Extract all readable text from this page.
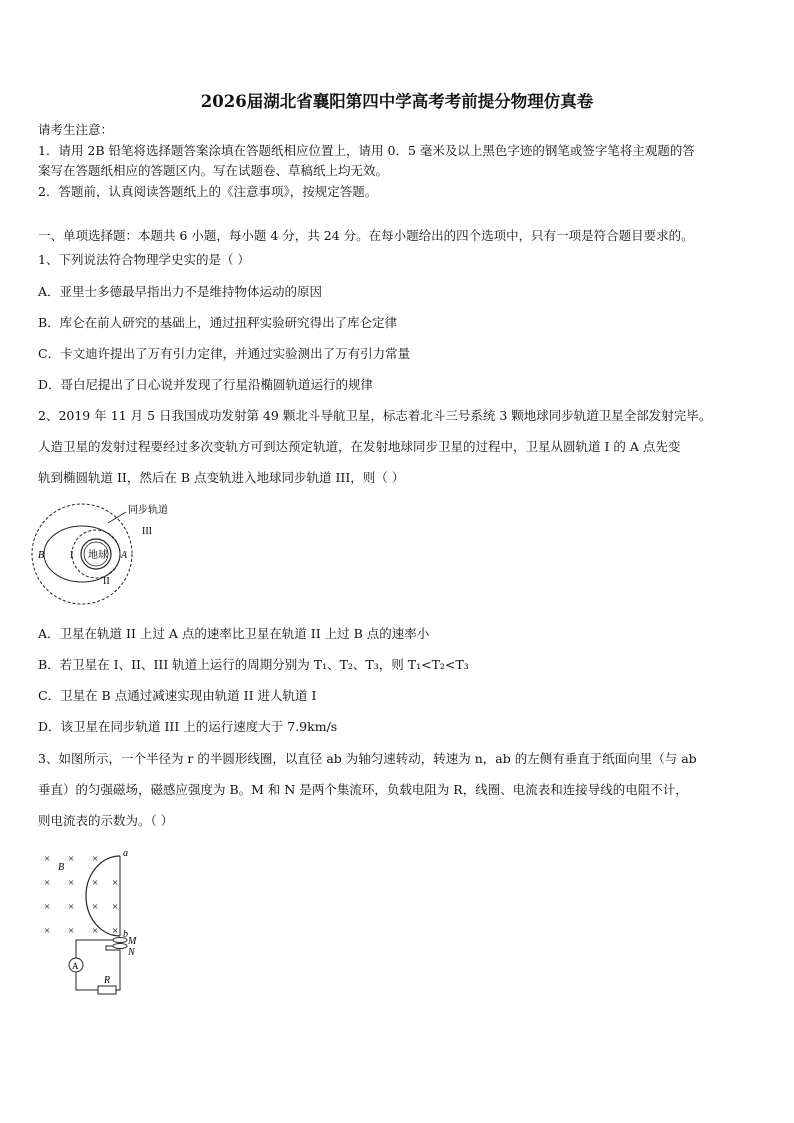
2026届湖北省襄阳第四中学高考考前提分物理仿真卷
请考生注意：
1．请用 2B 铅笔将选择题答案涂填在答题纸相应位置上，请用 0．5 毫米及以上黑色字迹的钢笔或签字笔将主观题的答
案写在答题纸相应的答题区内。写在试题卷、草稿纸上均无效。
2．答题前，认真阅读答题纸上的《注意事项》，按规定答题。
一、单项选择题：本题共 6 小题，每小题 4 分，共 24 分。在每小题给出的四个选项中，只有一项是符合题目要求的。
1、下列说法符合物理学史实的是（ ）
A．亚里士多德最早指出力不是维持物体运动的原因
B．库仑在前人研究的基础上，通过扭秤实验研究得出了库仑定律
C．卡文迪许提出了万有引力定律，并通过实验测出了万有引力常量
D．哥白尼提出了日心说并发现了行星沿椭圆轨道运行的规律
2、2019 年 11 月 5 日我国成功发射第 49 颗北斗导航卫星，标志着北斗三号系统 3 颗地球同步轨道卫星全部发射完毕。
人造卫星的发射过程要经过多次变轨方可到达预定轨道，在发射地球同步卫星的过程中，卫星从圆轨道 I 的 A 点先变
轨到椭圆轨道 II，然后在 B 点变轨进入地球同步轨道 III，则（ ）
同步轨道
地球
B	A
I
II
III
A．卫星在轨道 II 上过 A 点的速率比卫星在轨道 II 上过 B 点的速率小
B．若卫星在 I、II、III 轨道上运行的周期分别为 T₁、T₂、T₃，则 T₁<T₂<T₃
C．卫星在 B 点通过减速实现由轨道 II 进人轨道 I
D．该卫星在同步轨道 III 上的运行速度大于 7.9km/s
3、如图所示，一个半径为 r 的半圆形线圈，以直径 ab 为轴匀速转动，转速为 n，ab 的左侧有垂直于纸面向里（与 ab
垂直）的匀强磁场，磁感应强度为 B。M 和 N 是两个集流环，负载电阻为 R，线圈、电流表和连接导线的电阻不计，
则电流表的示数为。（ ）
× × ×
× × × ×
× × × ×
× × × ×
B
a
b
M
N
A
R
